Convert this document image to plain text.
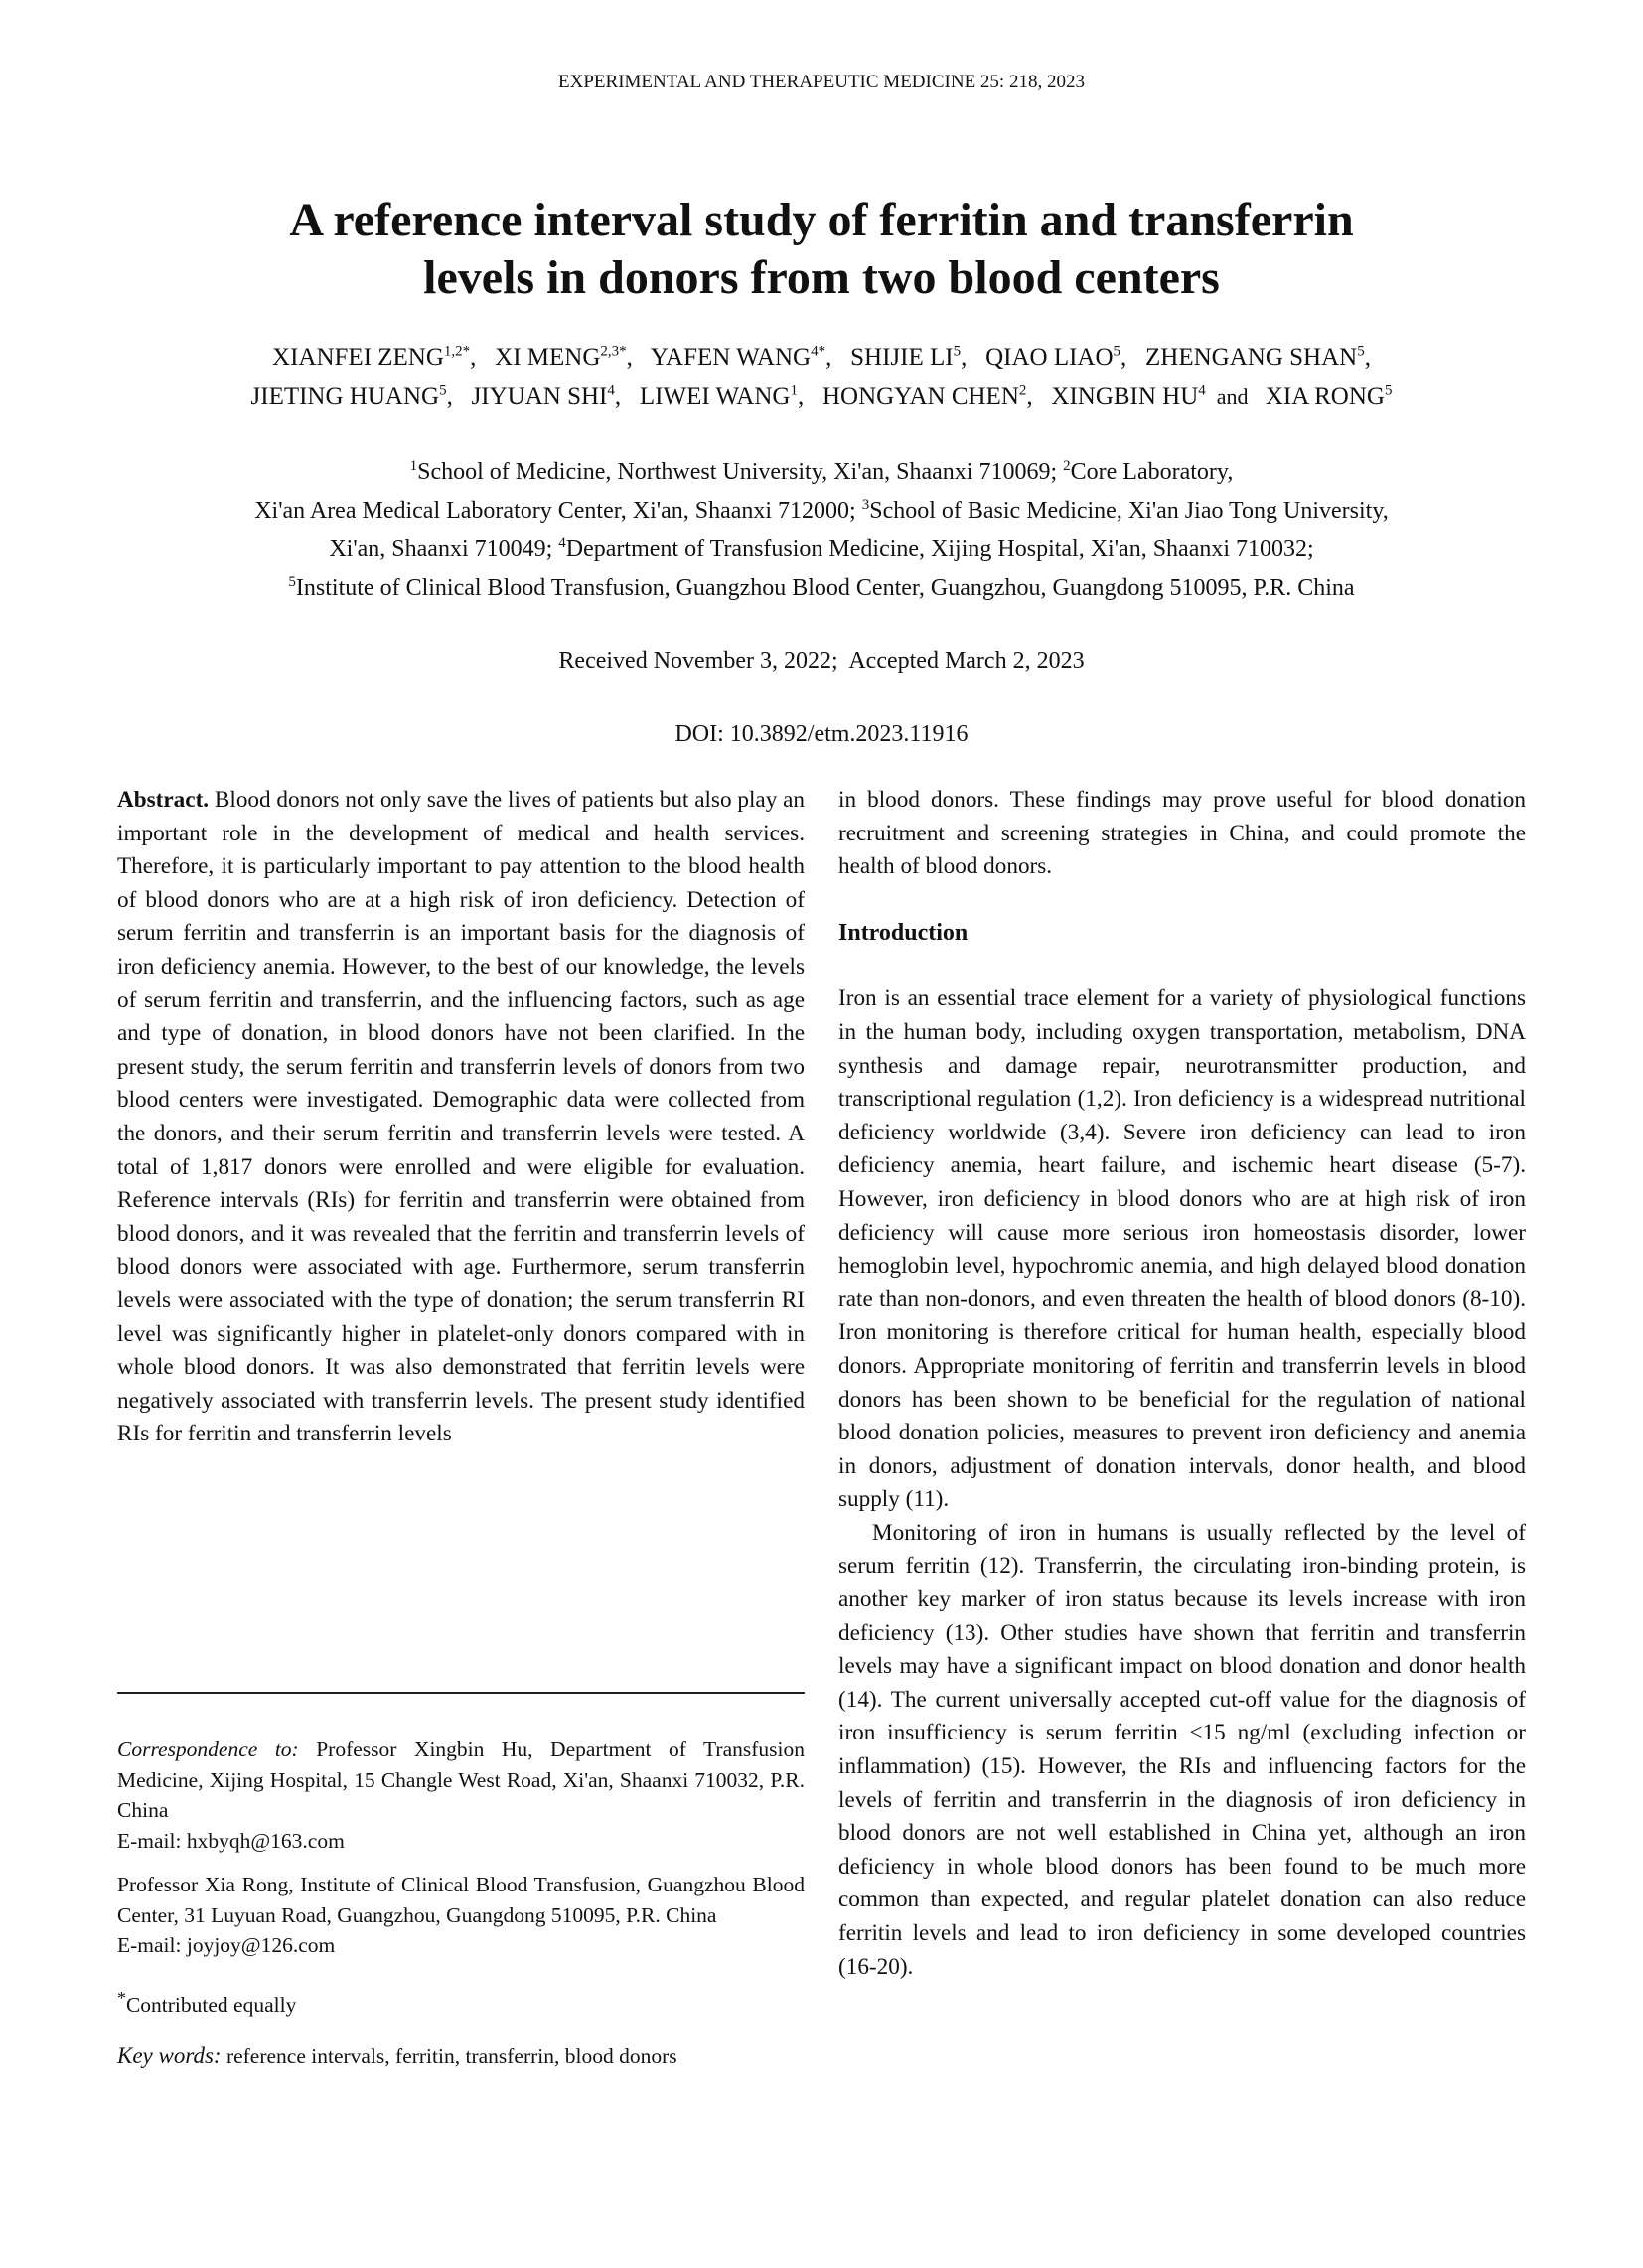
EXPERIMENTAL AND THERAPEUTIC MEDICINE 25: 218, 2023
A reference interval study of ferritin and transferrin
levels in donors from two blood centers
XIANFEI $ZENG^{1,2*}$,   XI $MENG^{2,3*}$,   YAFEN $WANG^{4*}$,   SHIJIE $LI^5$,   QIAO LIAO$^5$,   ZHENGANG SHAN$^5$,
JIETING HUANG$^5$,   JIYUAN SHI$^4$,   LIWEI WANG$^1$,   HONGYAN CHEN$^2$,   XINGBIN $HU^4$  and   XIA RONG$^5$
$^1$School of Medicine, Northwest University, Xi'an, Shaanxi 710069; $^2$Core Laboratory,
Xi'an Area Medical Laboratory Center, Xi'an, Shaanxi 712000; $^3$School of Basic Medicine, Xi'an Jiao Tong University,
Xi'an, Shaanxi 710049; $^4$Department of Transfusion Medicine, Xijing Hospital, Xi'an, Shaanxi 710032;
$^5$Institute of Clinical Blood Transfusion, Guangzhou Blood Center, Guangzhou, Guangdong 510095, P.R. China
Received November 3, 2022;  Accepted March 2, 2023
DOI: 10.3892/etm.2023.11916

Abstract. Blood donors not only save the lives of patients but also play an important role in the development of medical and health services. Therefore, it is particularly important to pay attention to the blood health of blood donors who are at a high risk of iron deficiency. Detection of serum ferritin and transferrin is an important basis for the diagnosis of iron deficiency anemia. However, to the best of our knowledge, the levels of serum ferritin and transferrin, and the influencing factors, such as age and type of donation, in blood donors have not been clarified. In the present study, the serum ferritin and transferrin levels of donors from two blood centers were investigated. Demographic data were collected from the donors, and their serum ferritin and transferrin levels were tested. A total of 1,817 donors were enrolled and were eligible for evaluation. Reference intervals (RIs) for ferritin and transferrin were obtained from blood donors, and it was revealed that the ferritin and transferrin levels of blood donors were associated with age. Furthermore, serum transferrin levels were associated with the type of donation; the serum transferrin RI level was significantly higher in platelet-only donors compared with in whole blood donors. It was also demonstrated that ferritin levels were negatively associated with transferrin levels. The present study identified RIs for ferritin and transferrin levels

Correspondence to: Professor Xingbin Hu, Department of Transfusion Medicine, Xijing Hospital, 15 Changle West Road, Xi'an, Shaanxi 710032, P.R. China
E-mail: hxbyqh@163.com

Professor Xia Rong, Institute of Clinical Blood Transfusion, Guangzhou Blood Center, 31 Luyuan Road, Guangzhou, Guangdong 510095, P.R. China
E-mail: joyjoy@126.com

*Contributed equally

Key words: reference intervals, ferritin, transferrin, blood donors

in blood donors. These findings may prove useful for blood donation recruitment and screening strategies in China, and could promote the health of blood donors.

Introduction

Iron is an essential trace element for a variety of physiological functions in the human body, including oxygen transportation, metabolism, DNA synthesis and damage repair, neurotransmitter production, and transcriptional regulation (1,2). Iron deficiency is a widespread nutritional deficiency worldwide (3,4). Severe iron deficiency can lead to iron deficiency anemia, heart failure, and ischemic heart disease (5-7). However, iron deficiency in blood donors who are at high risk of iron deficiency will cause more serious iron homeostasis disorder, lower hemoglobin level, hypochromic anemia, and high delayed blood donation rate than non-donors, and even threaten the health of blood donors (8-10). Iron monitoring is therefore critical for human health, especially blood donors. Appropriate monitoring of ferritin and transferrin levels in blood donors has been shown to be beneficial for the regulation of national blood donation policies, measures to prevent iron deficiency and anemia in donors, adjustment of donation intervals, donor health, and blood supply (11).

Monitoring of iron in humans is usually reflected by the level of serum ferritin (12). Transferrin, the circulating iron-binding protein, is another key marker of iron status because its levels increase with iron deficiency (13). Other studies have shown that ferritin and transferrin levels may have a significant impact on blood donation and donor health (14). The current universally accepted cut-off value for the diagnosis of iron insufficiency is serum ferritin <15 ng/ml (excluding infection or inflammation) (15). However, the RIs and influencing factors for the levels of ferritin and transferrin in the diagnosis of iron deficiency in blood donors are not well established in China yet, although an iron deficiency in whole blood donors has been found to be much more common than expected, and regular platelet donation can also reduce ferritin levels and lead to iron deficiency in some developed countries (16-20).
